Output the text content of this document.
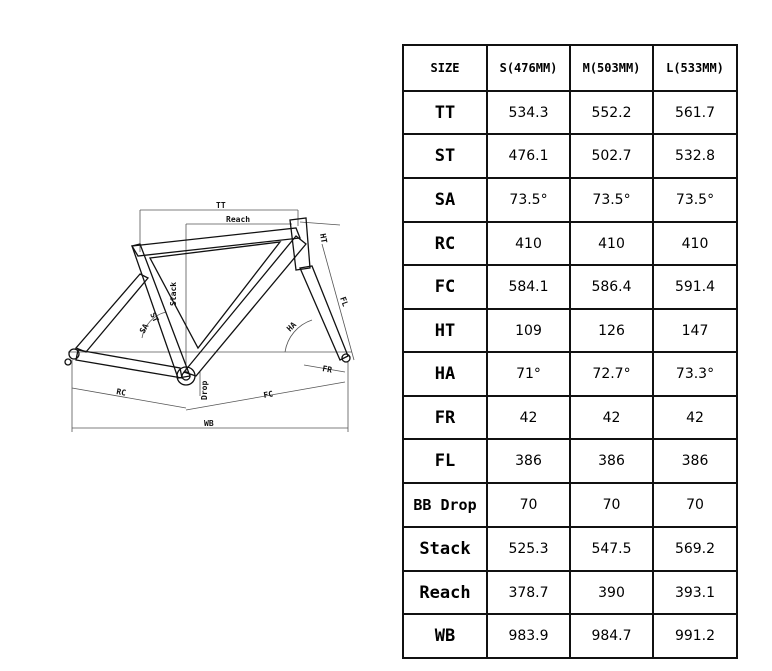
TT
Reach
HT
Stack
ST
FL
SA	HA
FR
RC	Drop	FC
WB
SIZE	S(476MM)	M(503MM)	L(533MM)
TT	534.3	552.2	561.7
ST	476.1	502.7	532.8
SA	73.5°	73.5°	73.5°
RC	410	410	410
FC	584.1	586.4	591.4
HT	109	126	147
HA	71°	72.7°	73.3°
FR	42	42	42
FL	386	386	386
BB Drop	70	70	70
Stack	525.3	547.5	569.2
Reach	378.7	390	393.1
WB	983.9	984.7	991.2
